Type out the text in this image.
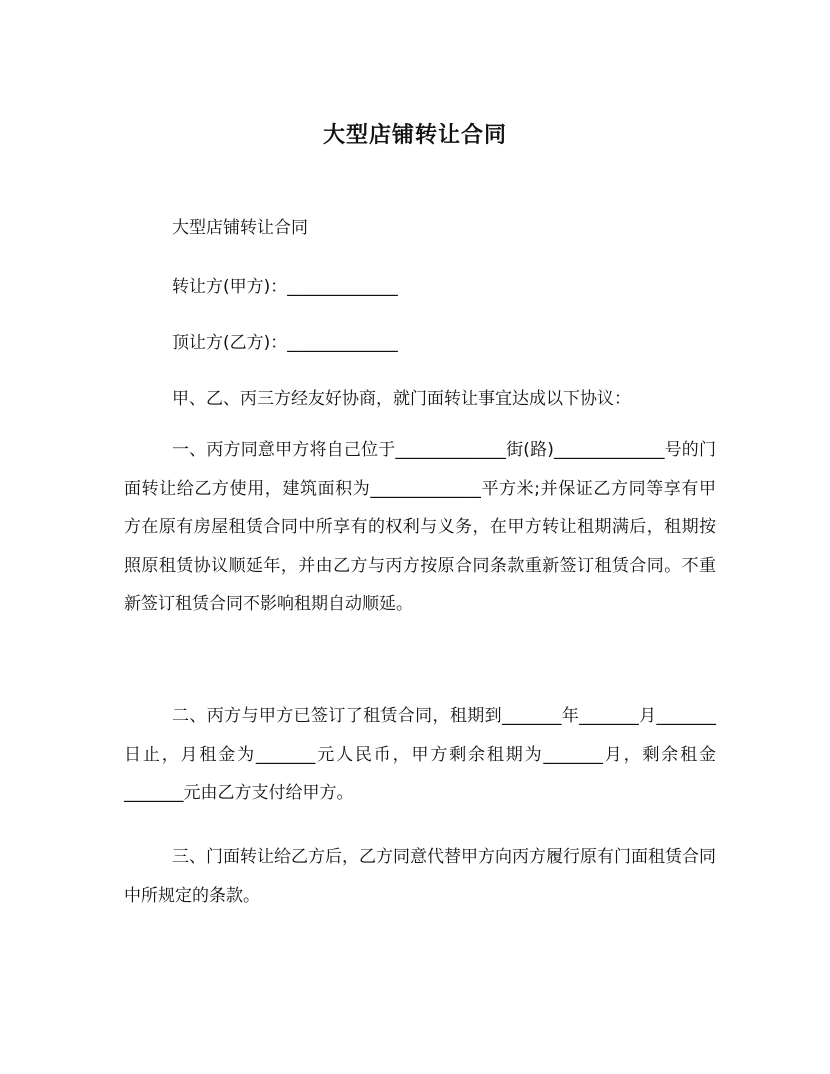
大型店铺转让合同
大型店铺转让合同
转让方(甲方)：_____________
顶让方(乙方)：_____________
甲、乙、丙三方经友好协商，就门面转让事宜达成以下协议：
一、丙方同意甲方将自己位于_____________街(路)_____________号的门面转让给乙方使用，建筑面积为_____________平方米;并保证乙方同等享有甲方在原有房屋租赁合同中所享有的权利与义务，在甲方转让租期满后，租期按照原租赁协议顺延年，并由乙方与丙方按原合同条款重新签订租赁合同。不重新签订租赁合同不影响租期自动顺延。
二、丙方与甲方已签订了租赁合同，租期到_______年_______月_______日止，月租金为_______元人民币，甲方剩余租期为_______月，剩余租金_______元由乙方支付给甲方。
三、门面转让给乙方后，乙方同意代替甲方向丙方履行原有门面租赁合同中所规定的条款。
